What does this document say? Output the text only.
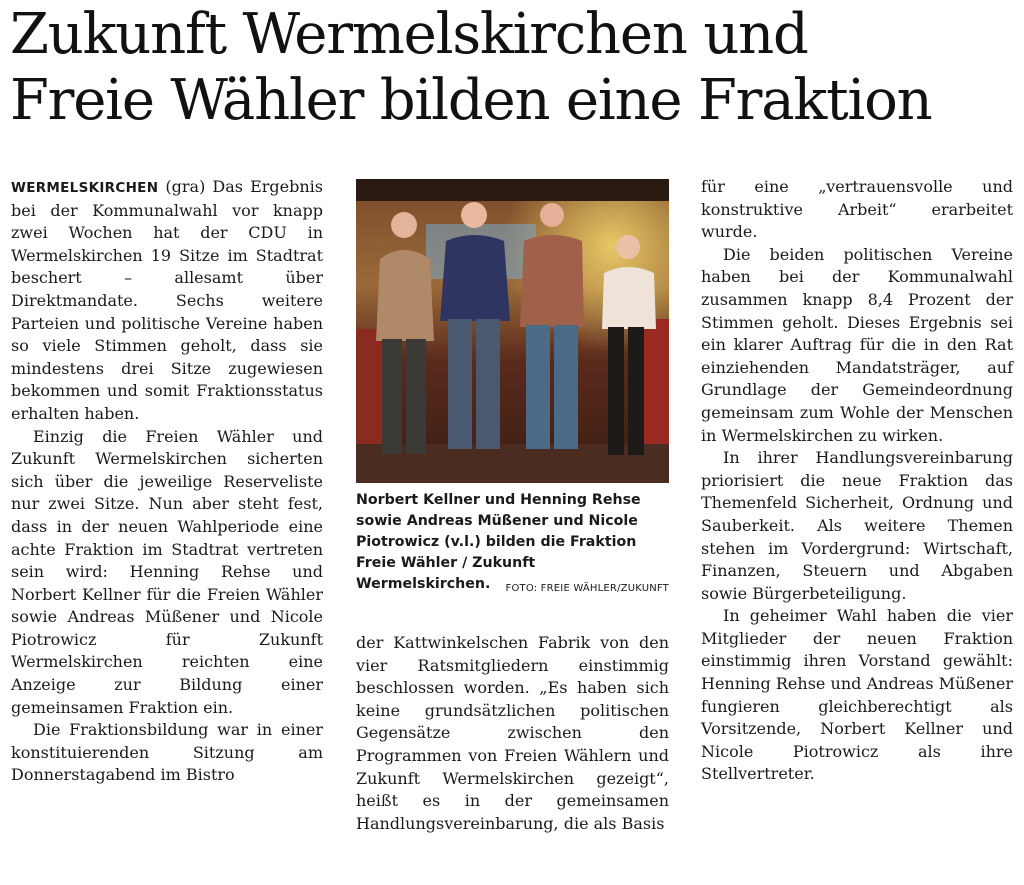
Zukunft Wermelskirchen und
Freie Wähler bilden eine Fraktion

WERMELSKIRCHEN (gra) Das Ergebnis bei der Kommunalwahl vor knapp zwei Wochen hat der CDU in Wermelskirchen 19 Sitze im Stadtrat beschert – allesamt über Direktmandate. Sechs weitere Parteien und politische Vereine haben so viele Stimmen geholt, dass sie mindestens drei Sitze zugewiesen bekommen und somit Fraktionsstatus erhalten haben.

Einzig die Freien Wähler und Zukunft Wermelskirchen sicherten sich über die jeweilige Reserveliste nur zwei Sitze. Nun aber steht fest, dass in der neuen Wahlperiode eine achte Fraktion im Stadtrat vertreten sein wird: Henning Rehse und Norbert Kellner für die Freien Wähler sowie Andreas Müßener und Nicole Piotrowicz für Zukunft Wermelskirchen reichten eine Anzeige zur Bildung einer gemeinsamen Fraktion ein.

Die Fraktionsbildung war in einer konstituierenden Sitzung am Donnerstagabend im Bistro

Norbert Kellner und Henning Rehse sowie Andreas Müßener und Nicole Piotrowicz (v.l.) bilden die Fraktion Freie Wähler / Zukunft Wermelskirchen. FOTO: FREIE WÄHLER/ZUKUNFT

der Kattwinkelschen Fabrik von den vier Ratsmitgliedern einstimmig beschlossen worden. „Es haben sich keine grundsätzlichen politischen Gegensätze zwischen den Programmen von Freien Wählern und Zukunft Wermelskirchen gezeigt“, heißt es in der gemeinsamen Handlungsvereinbarung, die als Basis

für eine „vertrauensvolle und konstruktive Arbeit“ erarbeitet wurde.

Die beiden politischen Vereine haben bei der Kommunalwahl zusammen knapp 8,4 Prozent der Stimmen geholt. Dieses Ergebnis sei ein klarer Auftrag für die in den Rat einziehenden Mandatsträger, auf Grundlage der Gemeindeordnung gemeinsam zum Wohle der Menschen in Wermelskirchen zu wirken.

In ihrer Handlungsvereinbarung priorisiert die neue Fraktion das Themenfeld Sicherheit, Ordnung und Sauberkeit. Als weitere Themen stehen im Vordergrund: Wirtschaft, Finanzen, Steuern und Abgaben sowie Bürgerbeteiligung.

In geheimer Wahl haben die vier Mitglieder der neuen Fraktion einstimmig ihren Vorstand gewählt: Henning Rehse und Andreas Müßener fungieren gleichberechtigt als Vorsitzende, Norbert Kellner und Nicole Piotrowicz als ihre Stellvertreter.
